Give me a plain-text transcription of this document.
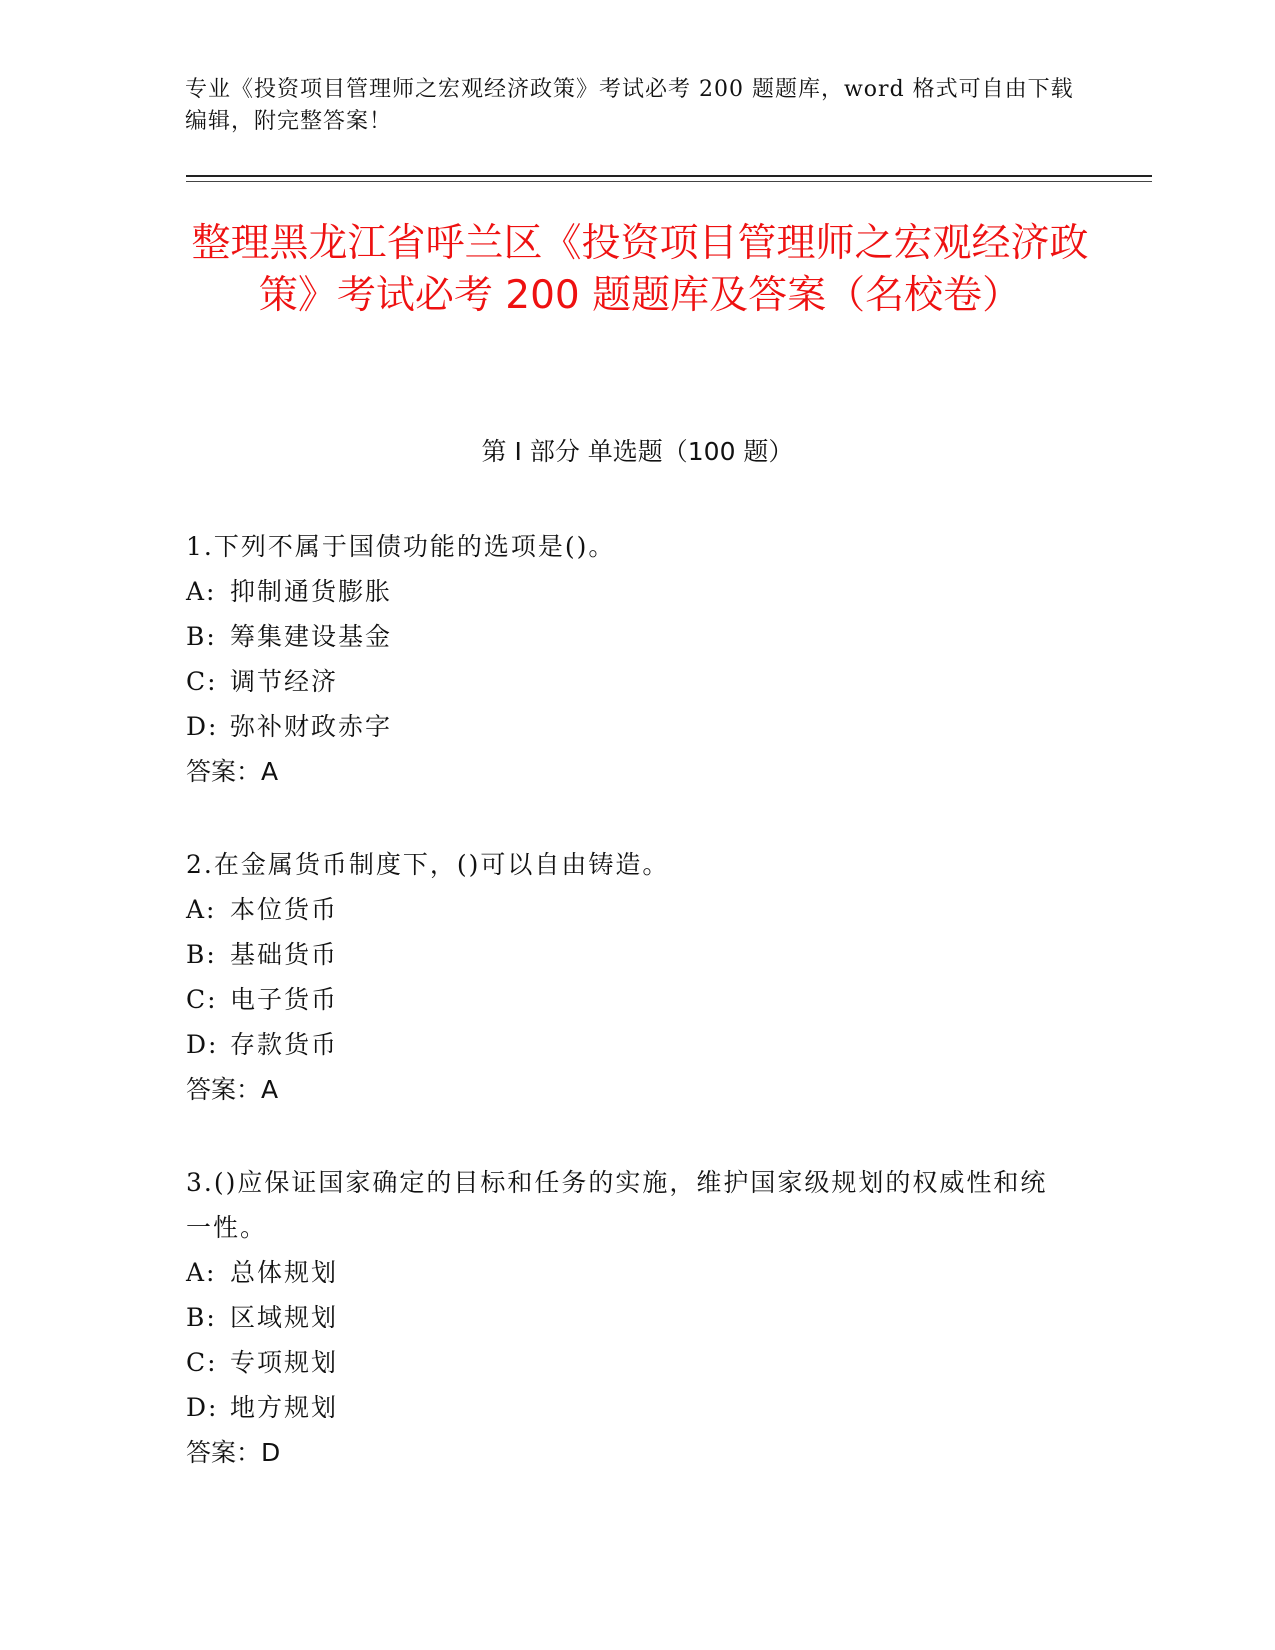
专业《投资项目管理师之宏观经济政策》考试必考 200 题题库，word 格式可自由下载编辑，附完整答案！
整理黑龙江省呼兰区《投资项目管理师之宏观经济政策》考试必考 200 题题库及答案（名校卷）
第 I 部分 单选题（100 题）
1.下列不属于国债功能的选项是()。
A: 抑制通货膨胀
B: 筹集建设基金
C: 调节经济
D: 弥补财政赤字
答案：A
2.在金属货币制度下，()可以自由铸造。
A: 本位货币
B: 基础货币
C: 电子货币
D: 存款货币
答案：A
3.()应保证国家确定的目标和任务的实施，维护国家级规划的权威性和统一性。
A: 总体规划
B: 区域规划
C: 专项规划
D: 地方规划
答案：D
